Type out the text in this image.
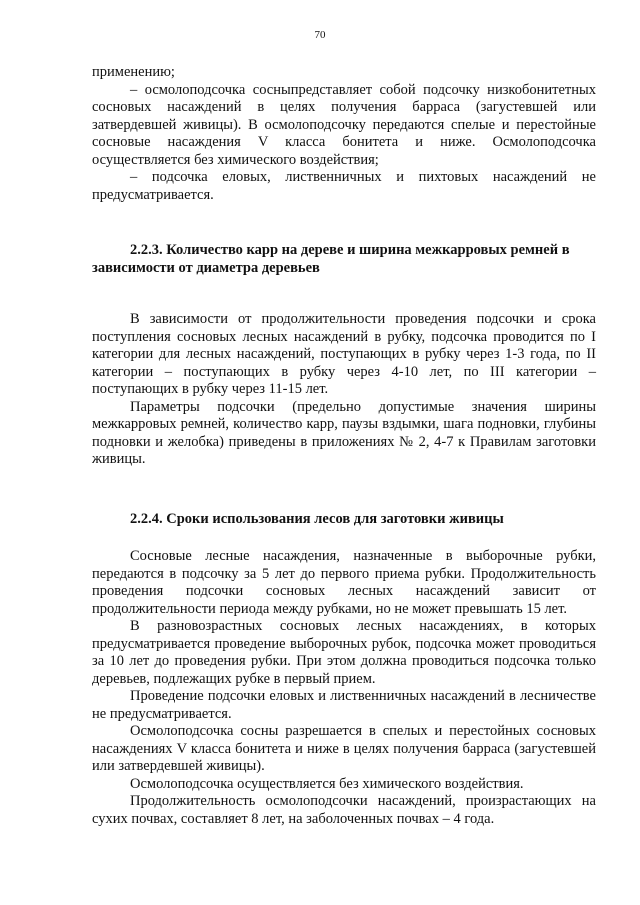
70

применению;

– осмолоподсочка сосныпредставляет собой подсочку низкобонитетных сосновых насаждений в целях получения барраса (загустевшей или затвердевшей живицы). В осмолоподсочку передаются спелые и перестойные сосновые насаждения V класса бонитета и ниже. Осмолоподсочка осуществляется без химического воздействия;

– подсочка еловых, лиственничных и пихтовых насаждений не предусматривается.

2.2.3. Количество карр на дереве и ширина межкарровых ремней в зависимости от диаметра деревьев

В зависимости от продолжительности проведения подсочки и срока поступления сосновых лесных насаждений в рубку, подсочка проводится по I категории для лесных насаждений, поступающих в рубку через 1-3 года, по II категории – поступающих в рубку через 4-10 лет, по III категории – поступающих в рубку через 11-15 лет.

Параметры подсочки (предельно допустимые значения ширины межкарровых ремней, количество карр, паузы вздымки, шага подновки, глубины подновки и желобка) приведены в приложениях № 2, 4-7 к Правилам заготовки живицы.

2.2.4. Сроки использования лесов для заготовки живицы

Сосновые лесные насаждения, назначенные в выборочные рубки, передаются в подсочку за 5 лет до первого приема рубки. Продолжительность проведения подсочки сосновых лесных насаждений зависит от продолжительности периода между рубками, но не может превышать 15 лет.

В разновозрастных сосновых лесных насаждениях, в которых предусматривается проведение выборочных рубок, подсочка может проводиться за 10 лет до проведения рубки. При этом должна проводиться подсочка только деревьев, подлежащих рубке в первый прием.

Проведение подсочки еловых и лиственничных насаждений в лесничестве не предусматривается.

Осмолоподсочка сосны разрешается в спелых и перестойных сосновых насаждениях V класса бонитета и ниже в целях получения барраса (загустевшей или затвердевшей живицы).

Осмолоподсочка осуществляется без химического воздействия.

Продолжительность осмолоподсочки насаждений, произрастающих на сухих почвах, составляет 8 лет, на заболоченных почвах – 4 года.
